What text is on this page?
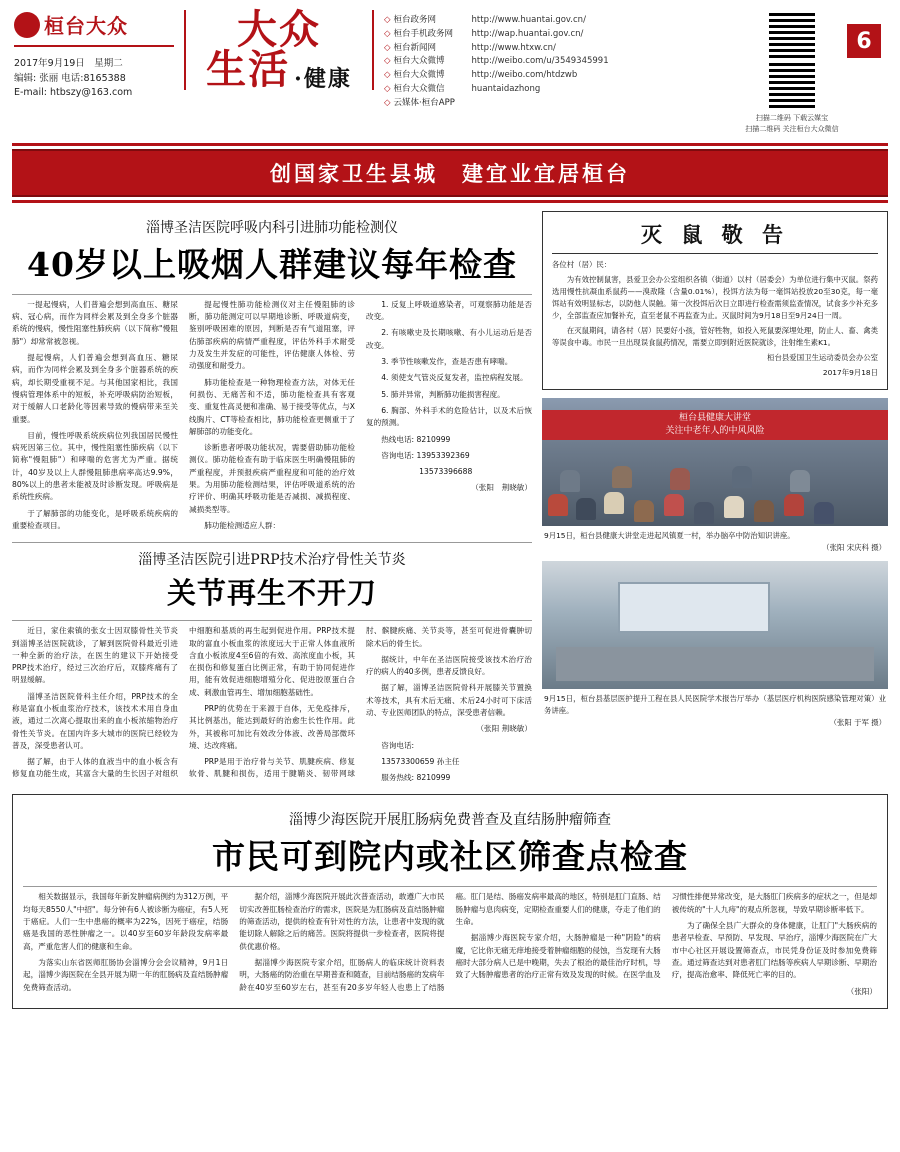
桓台大众
2017年9月19日　星期二
编辑: 张丽 电话:8165388
E-mail: htbszy@163.com
大众
生活 ·健康
◇ 桓台政务网	http://www.huantai.gov.cn/
◇ 桓台手机政务网	http://wap.huantai.gov.cn/
◇ 桓台新闻网	http://www.htxw.cn/
◇ 桓台大众微博	http://weibo.com/u/3549345991
◇ 桓台大众微博	http://weibo.com/htdzwb
◇ 桓台大众微信	huantaidazhong
◇ 云媒体·桓台APP

扫描二维码 下载云媒宝
扫描二维码 关注桓台大众微信
6
创国家卫生县城　建宜业宜居桓台
淄博圣洁医院呼吸内科引进肺功能检测仪
40岁以上吸烟人群建议每年检查

一提起慢病，人们普遍会想到高血压、糖尿病、冠心病，而作为同样会累及到全身多个脏器系统的慢病，慢性阻塞性肺疾病（以下简称"慢阻肺"）却常常被忽视。

提起慢病，人们普遍会想到高血压、糖尿病，而作为同样会累及到全身多个脏器系统的疾病，却长期受重视不足。与其他国家相比，我国慢病管理体系中的短板，补充呼吸病防治短板，对于缓解人口老龄化等因素导致的慢病带来至关重要。

目前，慢性呼吸系统疾病位列我国居民慢性病死因第三位。其中，慢性阻塞性肺疾病（以下简称"慢阻肺"）和哮喘的危害尤为严重。据统计，40岁及以上人群慢阻肺患病率高达9.9%，80%以上的患者未能被及时诊断发现。呼吸病是系统性疾病。

于了解肺部的功能变化，是呼吸系统疾病的重要检查项目。

提起慢性肺功能检测仪对主任慢阻肺的诊断，肺功能测定可以早期地诊断、呼吸道病变，鉴别呼吸困难的原因，判断是否有气道阻塞，评估肺部疾病的病情严重程度，评估外科手术耐受力及发生并发症的可能性，评估健康人体检、劳动强度和耐受力。

肺功能检查是一种物理检查方法，对体无任何损伤、无痛苦和不适，肺功能检查具有客观变、重复性高灵便和准确、易于接受等优点，与X线胸片、CT等检查相比，肺功能检查更侧重于了解肺部的功能变化。

诊断患者呼吸功能状况，需要借助肺功能检测仪。肺功能检查有助于临床医生明确慢阻肺的严重程度，并预报疾病严重程度和可能的治疗效果。为用肺功能检测结果，评估呼吸道系统的治疗评价、明确其呼吸功能是否减损、减损程度、减损类型等。

肺功能检测适应人群：

1. 反复上呼吸道感染者，可观察肺功能是否改变。

2. 有咳嗽史及长期咳嗽、有小儿运动后是否改变。

3. 季节性咳嗽发作，查是否患有哮喘。

4. 须使支气管炎反复发者，监控病程发展。

5. 肺并异常，判断肺功能损害程度。

6. 胸部、外科手术的危险估计，以及术后恢复的预测。

热线电话: 8210999

咨询电话: 13953392369

　　　　　13573396688

（张阳　荆晓敏）

淄博圣洁医院引进PRP技术治疗骨性关节炎
关节再生不开刀

近日，家住索镇的张女士因双膝骨性关节炎到淄博圣洁医院就诊，了解到医院骨科最近引进一种全新的治疗法，在医生的建议下开始接受PRP技术治疗，经过三次治疗后，双膝疼痛有了明显缓解。

淄博圣洁医院骨科主任介绍，PRP技术的全称是富血小板血浆治疗技术，该技术术用自身血液，通过二次离心提取出来的血小板浓缩物治疗骨性关节炎。在国内许多大城市的医院已经较为普及，深受患者认可。

据了解，由于人体的血液当中的血小板含有修复血功能生成，其富含大量的生长因子对组织中细胞和基质的再生起到促进作用。PRP技术提取的富血小板血浆的浓度远大于正常人体血液所含血小板浓度4至6倍的有效、高浓度血小板，其在损伤和修复蛋白比例正常，有助于协同促进作用，能有效促进细胞增殖分化、促进胶原蛋白合成、刺激血管再生、增加细胞基础性。

PRP的优势在于来源于自体，无免疫排斥，其比例基出，能达到最好的治愈生长性作用。此外，其被称可加比有效改分体液、改善局部微环境、达改疼痛。

PRP是用于治疗骨与关节、肌腱疾病、修复软骨、肌腱和损伤，适用于腱鞘炎、韧带网球肘、髌腱疾痛、关节炎等，甚至可促进骨囊肿切除术后的骨生长。

据统计，中年在圣洁医院接受该技术治疗治疗的病人的40多例，患者反馈良好。

据了解，淄博圣洁医院骨科开展膝关节置换术等技术，具有术后无痛、术后24小时可下床活动、专业医师团队的特点，深受患者信赖。

（张阳 荆晓敏）

咨询电话:

13573300659 孙主任

服务热线: 8210999

灭 鼠 敬 告

各位村（居）民：

为有效控制鼠害，县爱卫会办公室组织各镇（街道）以村（居委会）为单位进行集中灭鼠。祭药选用慢性抗凝血系鼠药——溴敌隆（含量0.01%），投饵方法为每一毫饵站投放20至30克，每一毫饵站有效明显标志，以防他人误触。第一次投饵后次日立即进行检查需须监查情况，试食多少补充多少，全部监查应加餐补充，直至老鼠不再监查为止。灭鼠时间为9月18日至9月24日一周。

在灭鼠期间，请各村（居）民要好小孩，管好牲物，如投入死鼠要深埋处理，防止人、畜、禽类等误食中毒。市民一旦出现误食鼠药情况，需要立即到附近医院就诊，注射维生素K1。

桓台县爱国卫生运动委员会办公室

2017年9月18日

桓台县健康大讲堂
关注中老年人的中风风险
9月15日，桓台县健康大讲堂走进起风镇夏一村，举办脑卒中防治知识讲座。
（张阳 宋庆科 摄）
9月15日，桓台县基层医护提升工程在县人民医院学术报告厅举办（基层医疗机构医院感染管理对策）业务讲座。
（张阳 于军 摄）
淄博少海医院开展肛肠病免费普查及直结肠肿瘤筛查
市民可到院内或社区筛查点检查

相关数据显示，我国每年新发肿瘤病例约为312万例，平均每天8550人"中招"。每分钟有6人被诊断为癌症，有5人死于癌症。人们一生中患癌的概率为22%，因死于癌症，结肠癌是我国的恶性肿瘤之一。以40岁至60岁年龄段发病率最高，严重危害人们的健康和生命。

为落实山东省医师肛肠协会淄博分会会议精神，9月1日起，淄博少海医院在全县开展为期一年的肛肠病及直结肠肿瘤免费筛查活动。

据介绍，淄博少海医院开展此次普查活动，敢遵广大市民切实改善肛肠检查治疗的需求，医院是为肛肠病及直结肠肿瘤的筛查活动，提供的检查有针对性的方法，让患者中发现的就能切除人解除之后的痛苦。医院将提供一步检查者，医院将提供优惠价格。

据淄博少海医院专家介绍，肛肠病人的临床统计资料表明，大肠癌的防治重在早期普查和随查，目前结肠癌的发病年龄在40岁至60岁左右，甚至有20多岁年轻人也患上了结肠癌。肛门是结、肠癌发病率最高的地区，特别是肛门直肠、结肠肿瘤与息肉病变，定期检查重要人们的健康，夺走了他们的生命。

据淄博少海医院专家介绍，大肠肿瘤是一种"阴险"的病魔，它比你无痛无痒地接受着肿瘤细胞的侵蚀，当发现有大肠癌时大部分病人已是中晚期，失去了根治的最佳治疗时机，导致了大肠肿瘤患者的治疗正常有效及发现的时候。在医学血及习惯性排便异常改变，是大肠肛门疾病多的症状之一，但是却被传统的"十人九痔"的观点所忽视，导致早期诊断率低下。

为了确保全县广大群众的身体健康，让肛门"大肠疾病的患者早检查、早预防、早发现、早治疗，淄博少海医院在广大市中心社区开展设置筛查点，市民凭身份证及时参加免费筛查。通过筛查达到对患者肛门结肠等疾病人早期诊断、早期治疗，提高治愈率、降低死亡率的目的。

（张阳）
